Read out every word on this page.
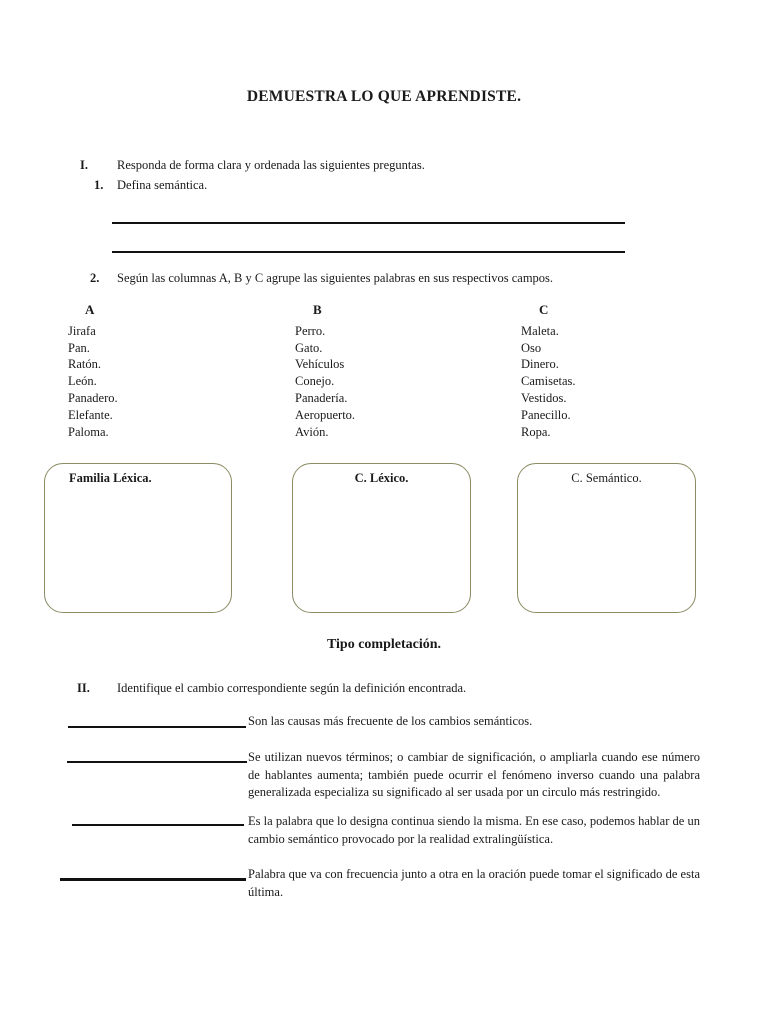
DEMUESTRA LO QUE APRENDISTE.
I. Responda de forma clara y ordenada las siguientes preguntas.
1. Defina semántica.
2. Según las columnas A, B y C agrupe las siguientes palabras en sus respectivos campos.
A
Jirafa
Pan.
Ratón.
León.
Panadero.
Elefante.
Paloma.
B
Perro.
Gato.
Vehículos
Conejo.
Panadería.
Aeropuerto.
Avión.
C
Maleta.
Oso
Dinero.
Camisetas.
Vestidos.
Panecillo.
Ropa.
Familia Léxica.	C. Léxico.	C. Semántico.
Tipo completación.
II. Identifique el cambio correspondiente según la definición encontrada.
Son las causas más frecuente de los cambios semánticos.
Se utilizan nuevos términos; o cambiar de significación, o ampliarla cuando ese número de hablantes aumenta; también puede ocurrir el fenómeno inverso cuando una palabra generalizada especializa su significado al ser usada por un circulo más restringido.
Es la palabra que lo designa continua siendo la misma. En ese caso, podemos hablar de un cambio semántico provocado por la realidad extralingüística.
Palabra que va con frecuencia junto a otra en la oración puede tomar el significado de esta última.
